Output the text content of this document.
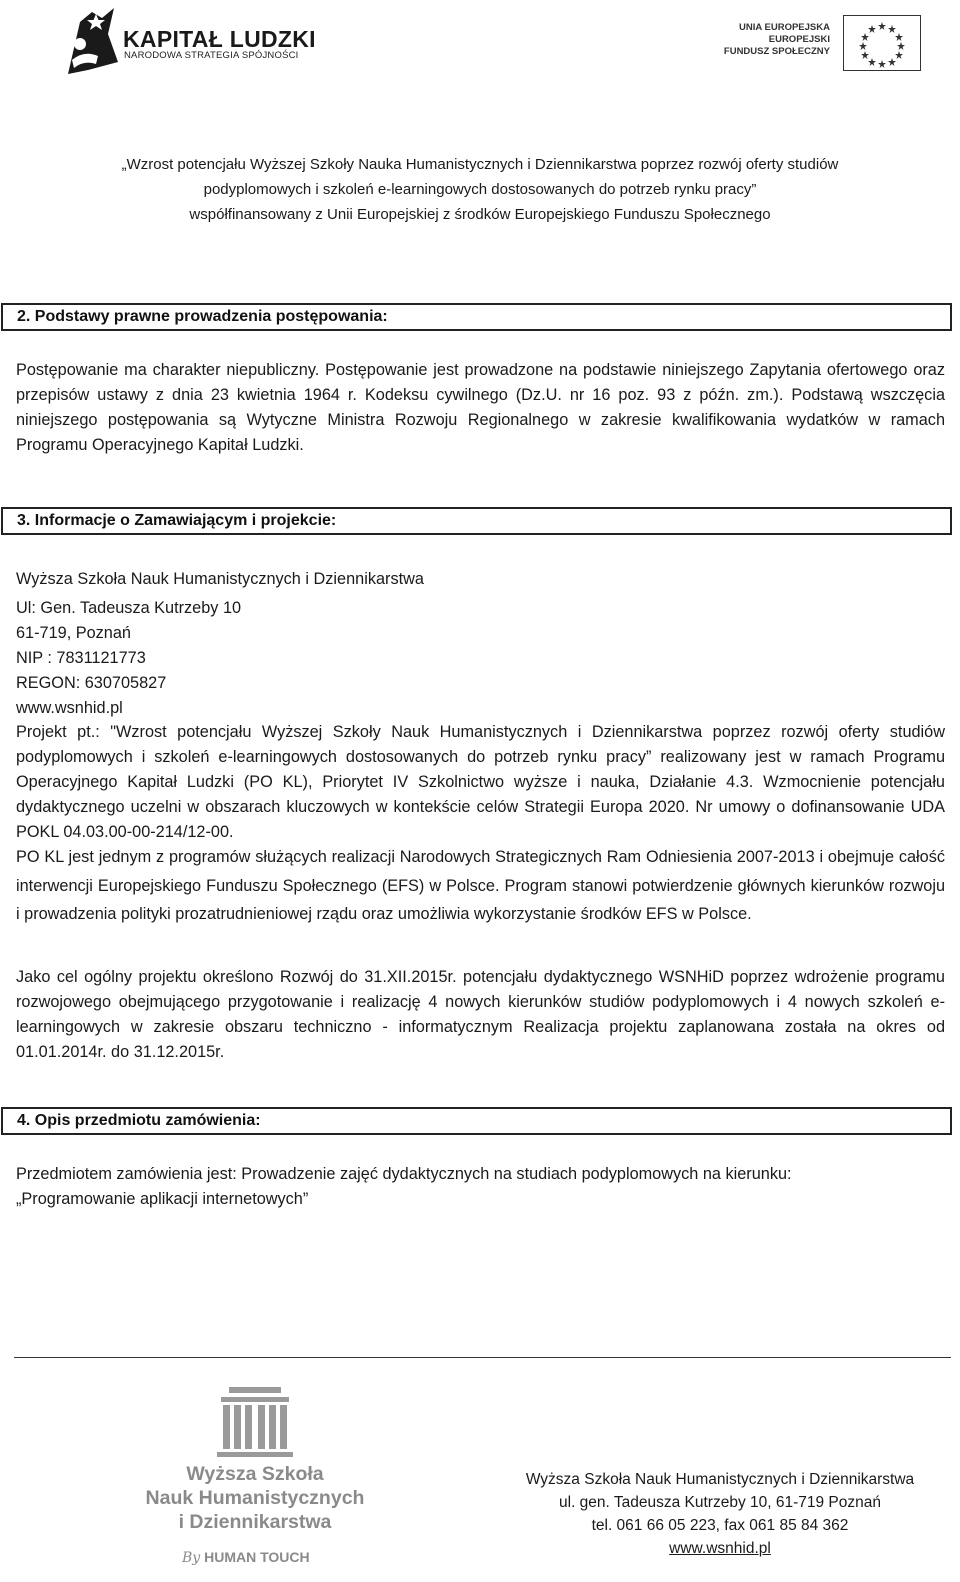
KAPITAŁ LUDZKI
NARODOWA STRATEGIA SPÓJNOŚCI
UNIA EUROPEJSKA
EUROPEJSKI
FUNDUSZ SPOŁECZNY
„Wzrost potencjału Wyższej Szkoły Nauka Humanistycznych i Dziennikarstwa poprzez rozwój oferty studiów
podyplomowych i szkoleń e-learningowych dostosowanych do potrzeb rynku pracy”
współfinansowany z Unii Europejskiej z środków Europejskiego Funduszu Społecznego
2. Podstawy prawne prowadzenia postępowania:
Postępowanie ma charakter niepubliczny. Postępowanie jest prowadzone na podstawie niniejszego Zapytania ofertowego oraz przepisów ustawy z dnia 23 kwietnia 1964 r. Kodeksu cywilnego (Dz.U. nr 16 poz. 93 z późn. zm.). Podstawą wszczęcia niniejszego postępowania są Wytyczne Ministra Rozwoju Regionalnego w zakresie kwalifikowania wydatków w ramach Programu Operacyjnego Kapitał Ludzki.
3. Informacje o Zamawiającym i projekcie:
Wyższa Szkoła Nauk Humanistycznych i Dziennikarstwa
Ul: Gen. Tadeusza Kutrzeby 10
61-719, Poznań
NIP : 7831121773
REGON: 630705827
www.wsnhid.pl
Projekt pt.: "Wzrost potencjału Wyższej Szkoły Nauk Humanistycznych i Dziennikarstwa poprzez rozwój oferty studiów podyplomowych i szkoleń e-learningowych dostosowanych do potrzeb rynku pracy” realizowany jest w ramach Programu Operacyjnego Kapitał Ludzki (PO KL), Priorytet IV Szkolnictwo wyższe i nauka, Działanie 4.3. Wzmocnienie potencjału dydaktycznego uczelni w obszarach kluczowych w kontekście celów Strategii Europa 2020. Nr umowy o dofinansowanie UDA POKL 04.03.00-00-214/12-00.
PO KL jest jednym z programów służących realizacji Narodowych Strategicznych Ram Odniesienia 2007-2013 i obejmuje całość interwencji Europejskiego Funduszu Społecznego (EFS) w Polsce. Program stanowi potwierdzenie głównych kierunków rozwoju i prowadzenia polityki prozatrudnieniowej rządu oraz umożliwia wykorzystanie środków EFS w Polsce.
Jako cel ogólny projektu określono Rozwój do 31.XII.2015r. potencjału dydaktycznego WSNHiD poprzez wdrożenie programu rozwojowego obejmującego przygotowanie i realizację 4 nowych kierunków studiów podyplomowych i 4 nowych szkoleń e-learningowych w zakresie obszaru techniczno - informatycznym Realizacja projektu zaplanowana została na okres od 01.01.2014r. do 31.12.2015r.
4. Opis przedmiotu zamówienia:
Przedmiotem zamówienia jest: Prowadzenie zajęć dydaktycznych na studiach podyplomowych na kierunku:
„Programowanie aplikacji internetowych”
Wyższa Szkoła
Nauk Humanistycznych
i Dziennikarstwa
By HUMAN TOUCH
Wyższa Szkoła Nauk Humanistycznych i Dziennikarstwa
ul. gen. Tadeusza Kutrzeby 10, 61-719 Poznań
tel. 061 66 05 223, fax 061 85 84 362
www.wsnhid.pl
